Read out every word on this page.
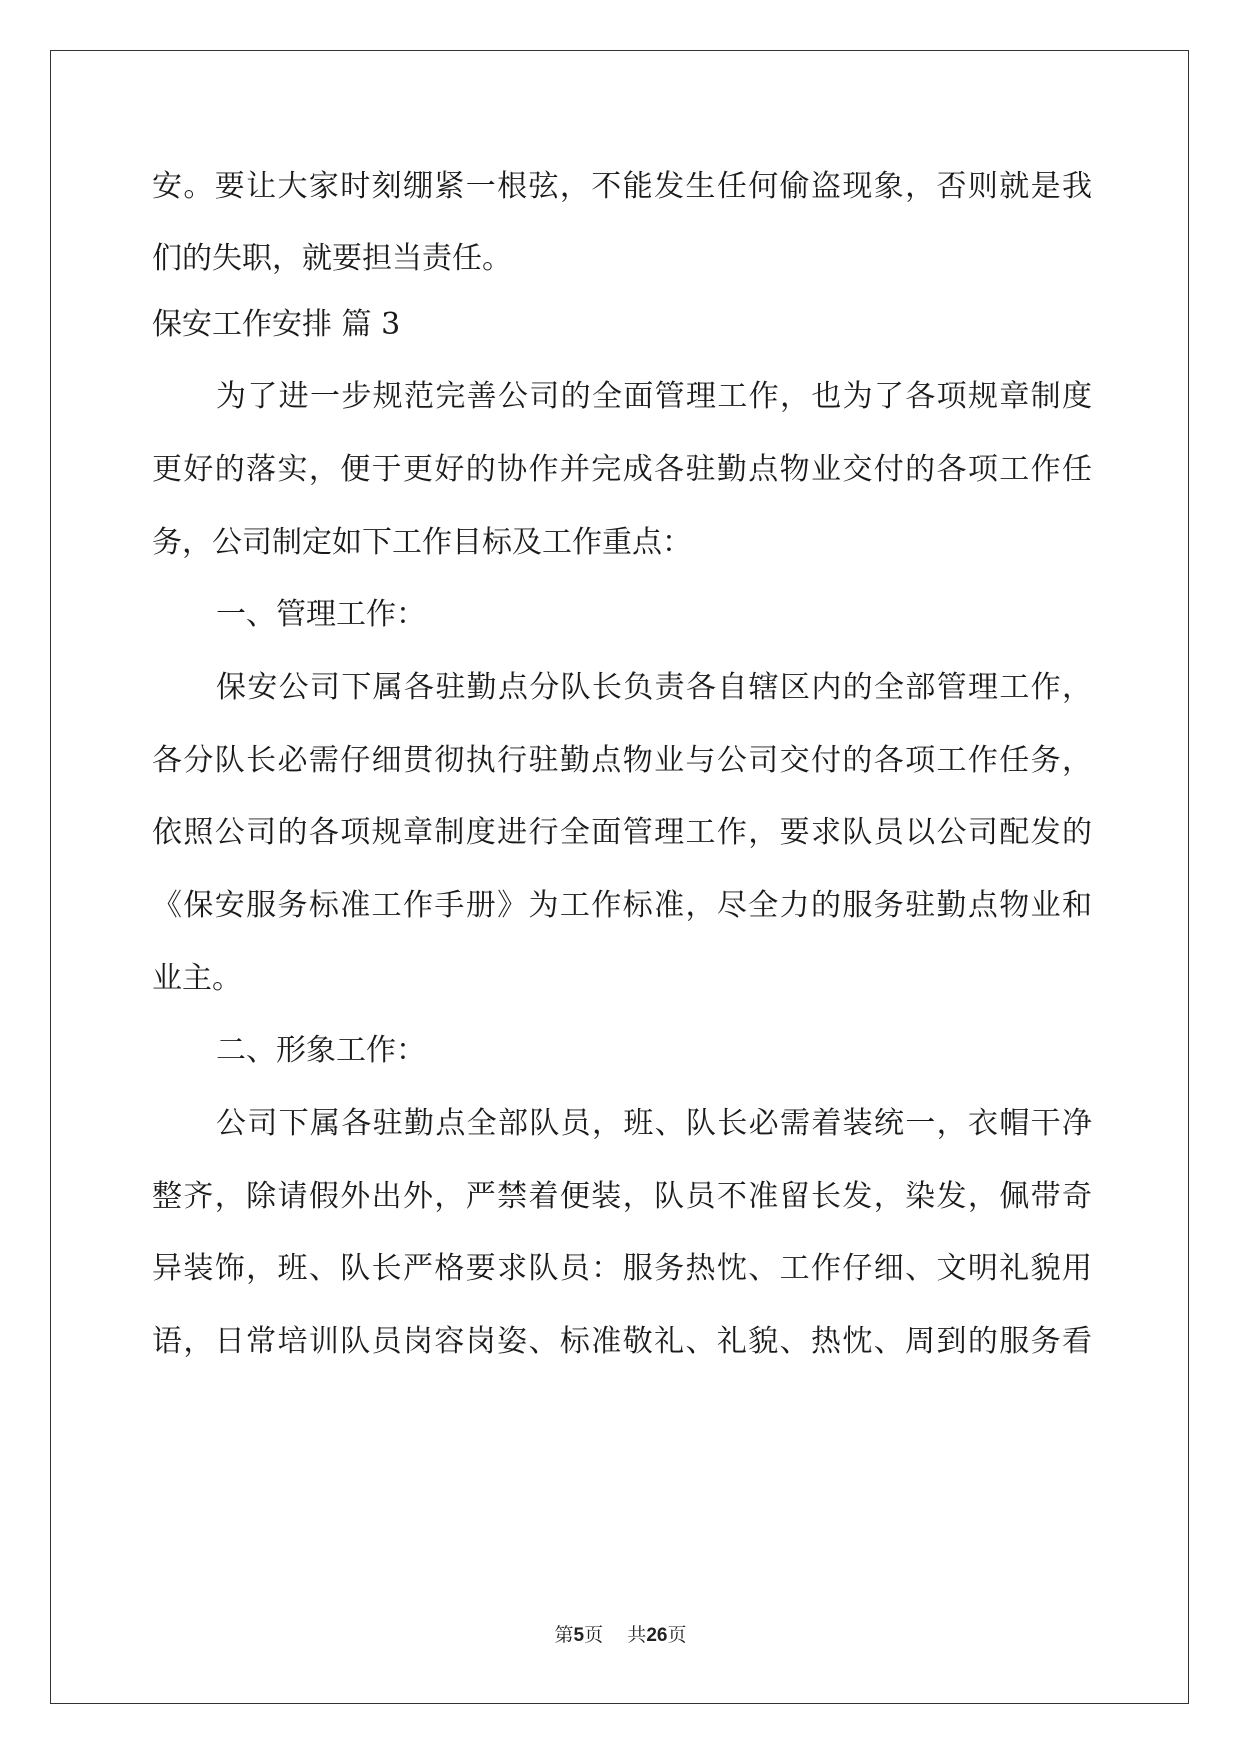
安。要让大家时刻绷紧一根弦，不能发生任何偷盗现象，否则就是我
们的失职，就要担当责任。
保安工作安排 篇 3
为了进一步规范完善公司的全面管理工作，也为了各项规章制度
更好的落实，便于更好的协作并完成各驻勤点物业交付的各项工作任
务，公司制定如下工作目标及工作重点：
一、管理工作：
保安公司下属各驻勤点分队长负责各自辖区内的全部管理工作，
各分队长必需仔细贯彻执行驻勤点物业与公司交付的各项工作任务，
依照公司的各项规章制度进行全面管理工作，要求队员以公司配发的
《保安服务标准工作手册》为工作标准，尽全力的服务驻勤点物业和
业主。
二、形象工作：
公司下属各驻勤点全部队员，班、队长必需着装统一，衣帽干净
整齐，除请假外出外，严禁着便装，队员不准留长发，染发，佩带奇
异装饰，班、队长严格要求队员：服务热忱、工作仔细、文明礼貌用
语，日常培训队员岗容岗姿、标准敬礼、礼貌、热忱、周到的服务看
第5页 共26页
